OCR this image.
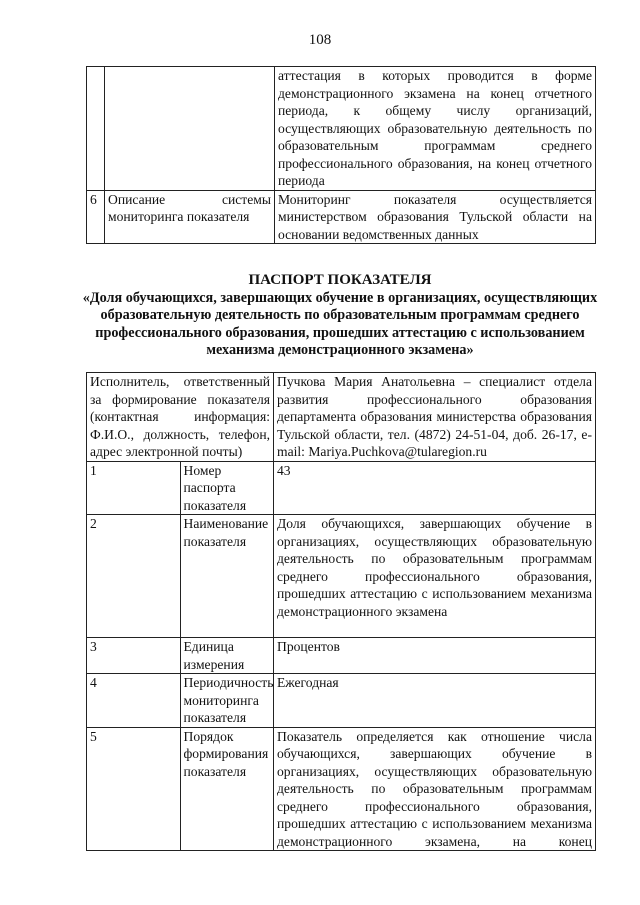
108
		аттестация в которых проводится в форме демонстрационного экзамена на конец отчетного периода, к общему числу организаций, осуществляющих образовательную деятельность по образовательным программам среднего профессионального образования, на конец отчетного периода
6	Описание системы мониторинга показателя	Мониторинг показателя осуществляется министерством образования Тульской области на основании ведомственных данных
ПАСПОРТ ПОКАЗАТЕЛЯ
«Доля обучающихся, завершающих обучение в организациях, осуществляющих образовательную деятельность по образовательным программам среднего профессионального образования, прошедших аттестацию с использованием механизма демонстрационного экзамена»
Исполнитель, ответственный за формирование показателя (контактная информация: Ф.И.О., должность, телефон, адрес электронной почты)		Пучкова Мария Анатольевна – специалист отдела развития профессионального образования департамента образования министерства образования Тульской области, тел. (4872) 24-51-04, доб. 26-17, e-mail: Mariya.Puchkova@tularegion.ru
1	Номер паспорта показателя	43
2	Наименование показателя	Доля обучающихся, завершающих обучение в организациях, осуществляющих образовательную деятельность по образовательным программам среднего профессионального образования, прошедших аттестацию с использованием механизма демонстрационного экзамена
3	Единица измерения	Процентов
4	Периодичность мониторинга показателя	Ежегодная
5	Порядок формирования показателя	Показатель определяется как отношение числа обучающихся, завершающих обучение в организациях, осуществляющих образовательную деятельность по образовательным программам среднего профессионального образования, прошедших аттестацию с использованием механизма демонстрационного экзамена, на конец
